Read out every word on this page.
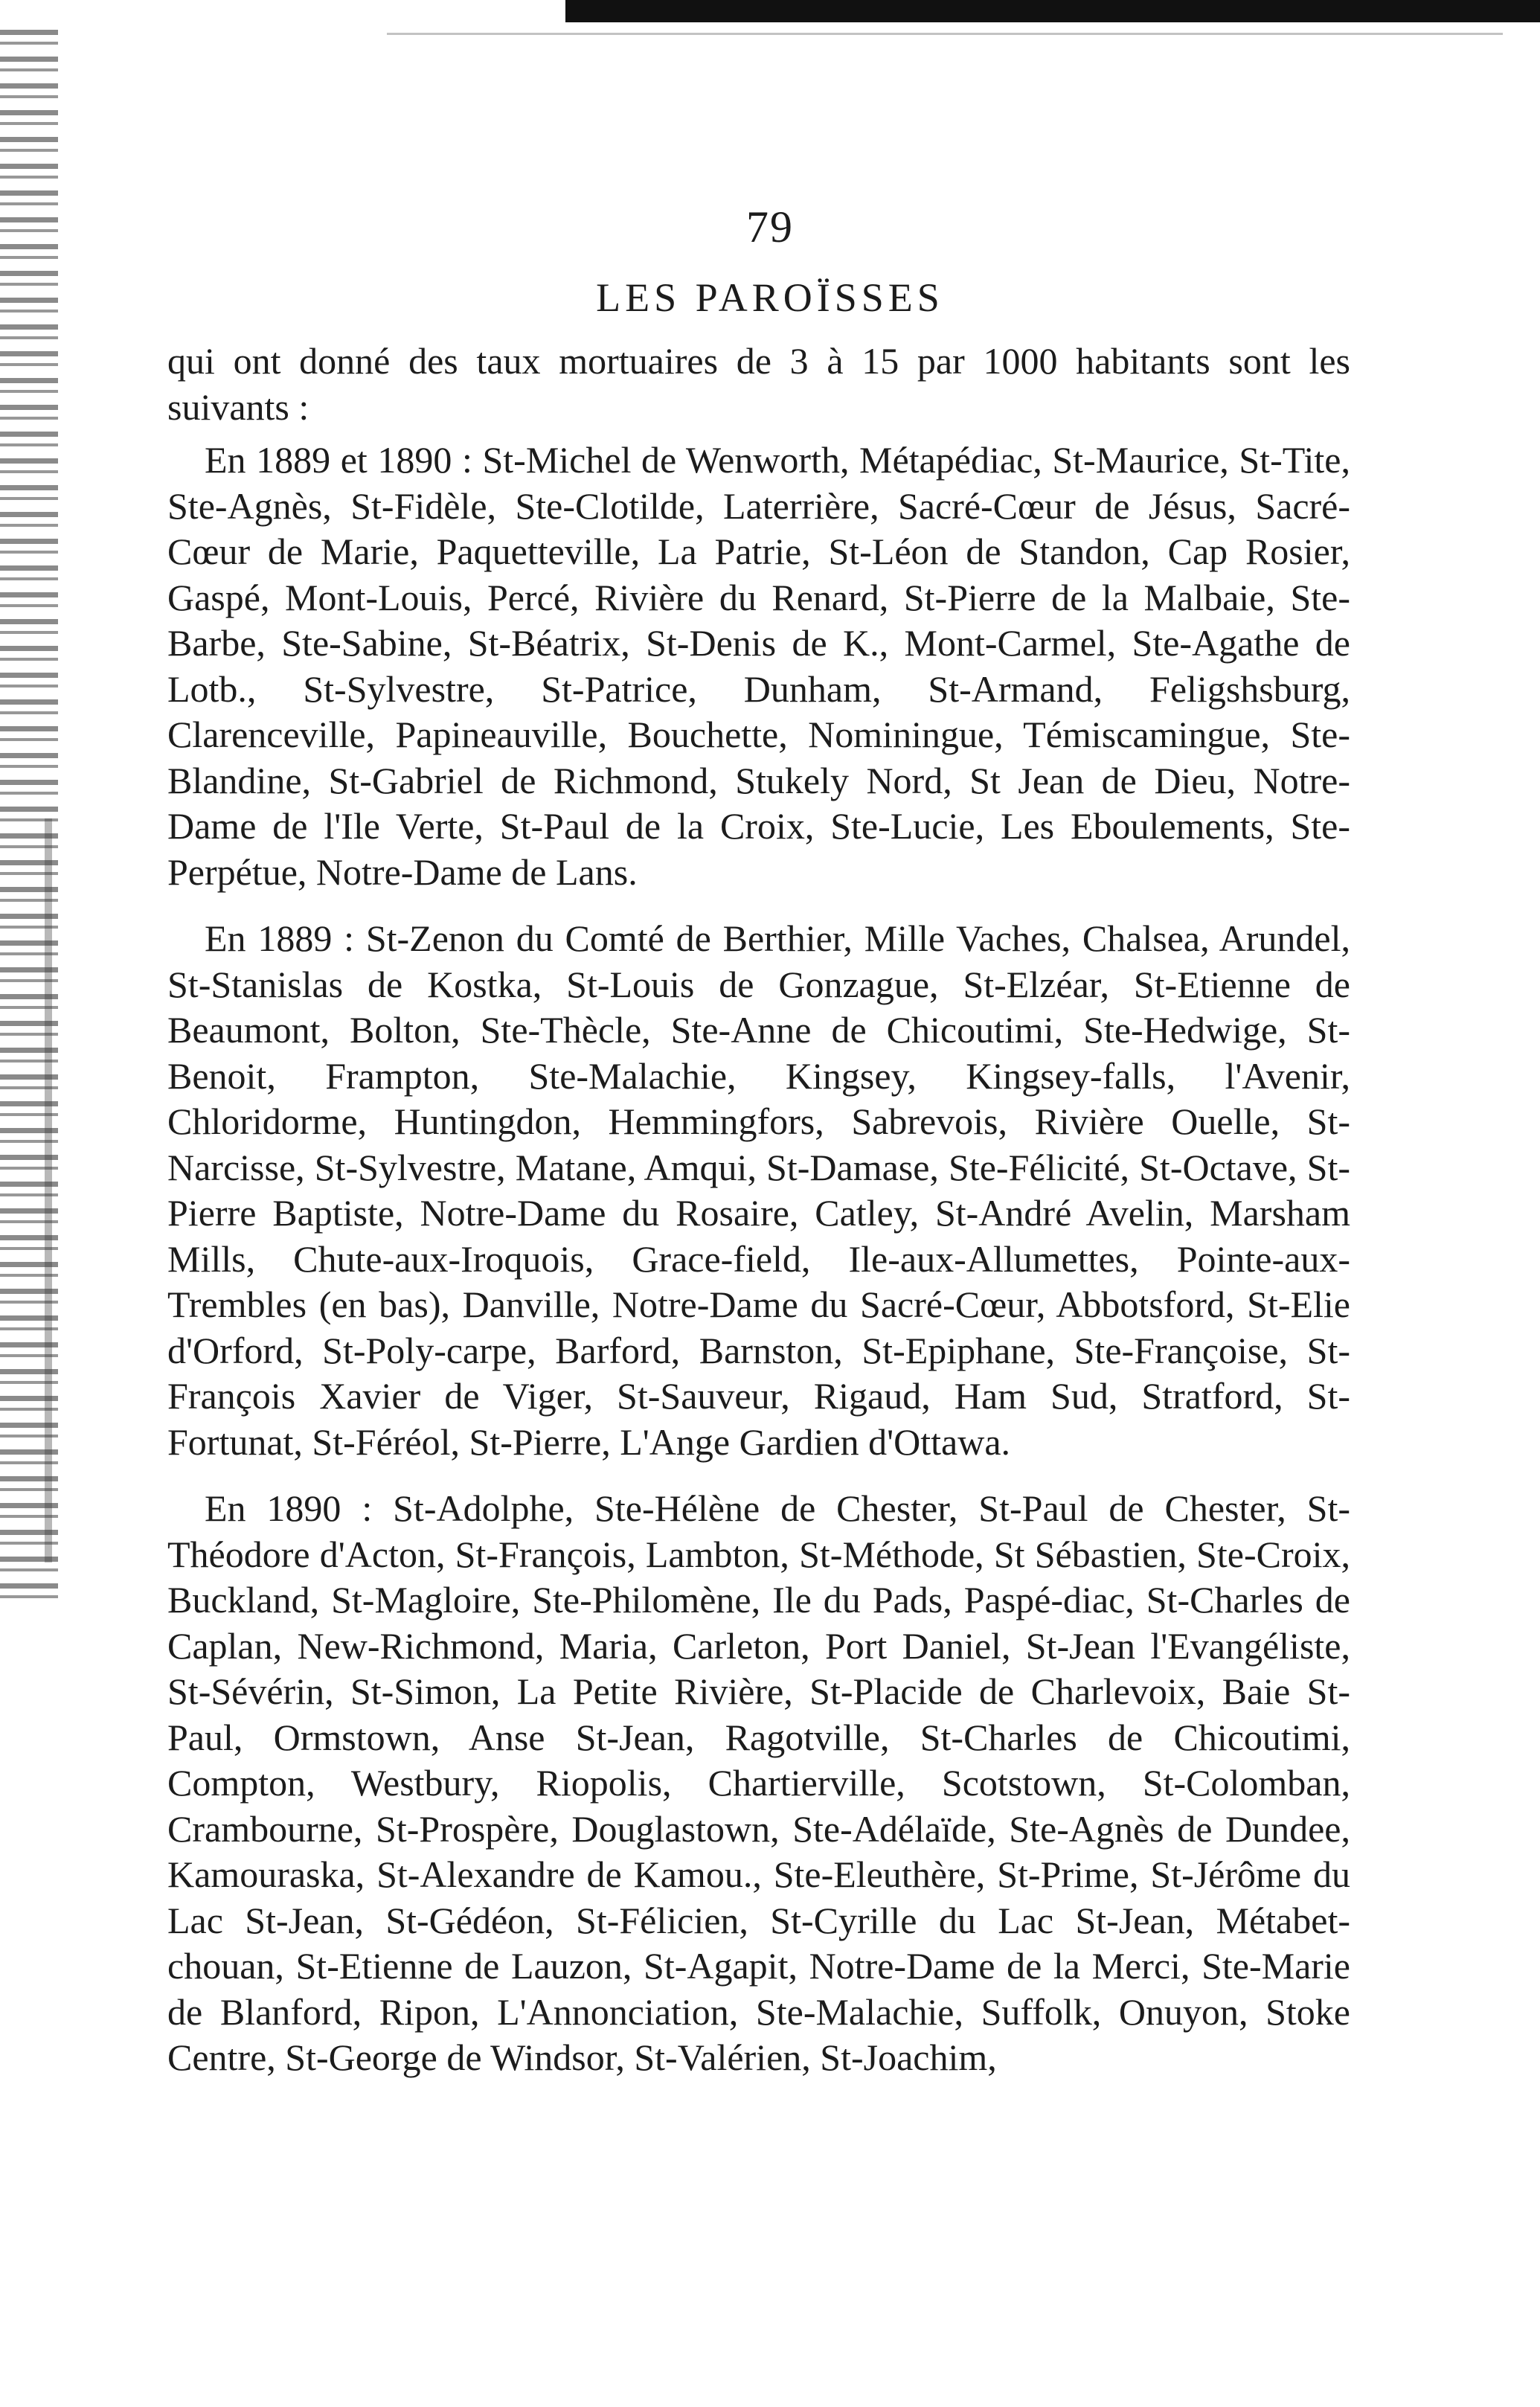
79
LES PAROÏSSES

qui ont donné des taux mortuaires de 3 à 15 par 1000 habitants sont les suivants :

En 1889 et 1890 : St-Michel de Wenworth, Métapédiac, St-Maurice, St-Tite, Ste-Agnès, St-Fidèle, Ste-Clotilde, Laterrière, Sacré-Cœur de Jésus, Sacré-Cœur de Marie, Paquetteville, La Patrie, St-Léon de Standon, Cap Rosier, Gaspé, Mont-Louis, Percé, Rivière du Renard, St-Pierre de la Malbaie, Ste-Barbe, Ste-Sabine, St-Béatrix, St-Denis de K., Mont-Carmel, Ste-Agathe de Lotb., St-Sylvestre, St-Patrice, Dunham, St-Armand, Feligshsburg, Clarenceville, Papineauville, Bouchette, Nominingue, Témiscamingue, Ste-Blandine, St-Gabriel de Richmond, Stukely Nord, St Jean de Dieu, Notre-Dame de l'Ile Verte, St-Paul de la Croix, Ste-Lucie, Les Eboulements, Ste-Perpétue, Notre-Dame de Lans.

En 1889 : St-Zenon du Comté de Berthier, Mille Vaches, Chalsea, Arundel, St-Stanislas de Kostka, St-Louis de Gonzague, St-Elzéar, St-Etienne de Beaumont, Bolton, Ste-Thècle, Ste-Anne de Chicoutimi, Ste-Hedwige, St-Benoit, Frampton, Ste-Malachie, Kingsey, Kingsey-falls, l'Avenir, Chloridorme, Huntingdon, Hemmingfors, Sabrevois, Rivière Ouelle, St-Narcisse, St-Sylvestre, Matane, Amqui, St-Damase, Ste-Félicité, St-Octave, St-Pierre Baptiste, Notre-Dame du Rosaire, Catley, St-André Avelin, Marsham Mills, Chute-aux-Iroquois, Grace-field, Ile-aux-Allumettes, Pointe-aux-Trembles (en bas), Danville, Notre-Dame du Sacré-Cœur, Abbotsford, St-Elie d'Orford, St-Poly-carpe, Barford, Barnston, St-Epiphane, Ste-Françoise, St-François Xavier de Viger, St-Sauveur, Rigaud, Ham Sud, Stratford, St-Fortunat, St-Féréol, St-Pierre, L'Ange Gardien d'Ottawa.

En 1890 : St-Adolphe, Ste-Hélène de Chester, St-Paul de Chester, St-Théodore d'Acton, St-François, Lambton, St-Méthode, St Sébastien, Ste-Croix, Buckland, St-Magloire, Ste-Philomène, Ile du Pads, Paspé-diac, St-Charles de Caplan, New-Richmond, Maria, Carleton, Port Daniel, St-Jean l'Evangéliste, St-Sévérin, St-Simon, La Petite Rivière, St-Placide de Charlevoix, Baie St-Paul, Ormstown, Anse St-Jean, Ragotville, St-Charles de Chicoutimi, Compton, Westbury, Riopolis, Chartierville, Scotstown, St-Colomban, Crambourne, St-Prospère, Douglastown, Ste-Adélaïde, Ste-Agnès de Dundee, Kamouraska, St-Alexandre de Kamou., Ste-Eleuthère, St-Prime, St-Jérôme du Lac St-Jean, St-Gédéon, St-Félicien, St-Cyrille du Lac St-Jean, Métabet-chouan, St-Etienne de Lauzon, St-Agapit, Notre-Dame de la Merci, Ste-Marie de Blanford, Ripon, L'Annonciation, Ste-Malachie, Suffolk, Onuyon, Stoke Centre, St-George de Windsor, St-Valérien, St-Joachim,
